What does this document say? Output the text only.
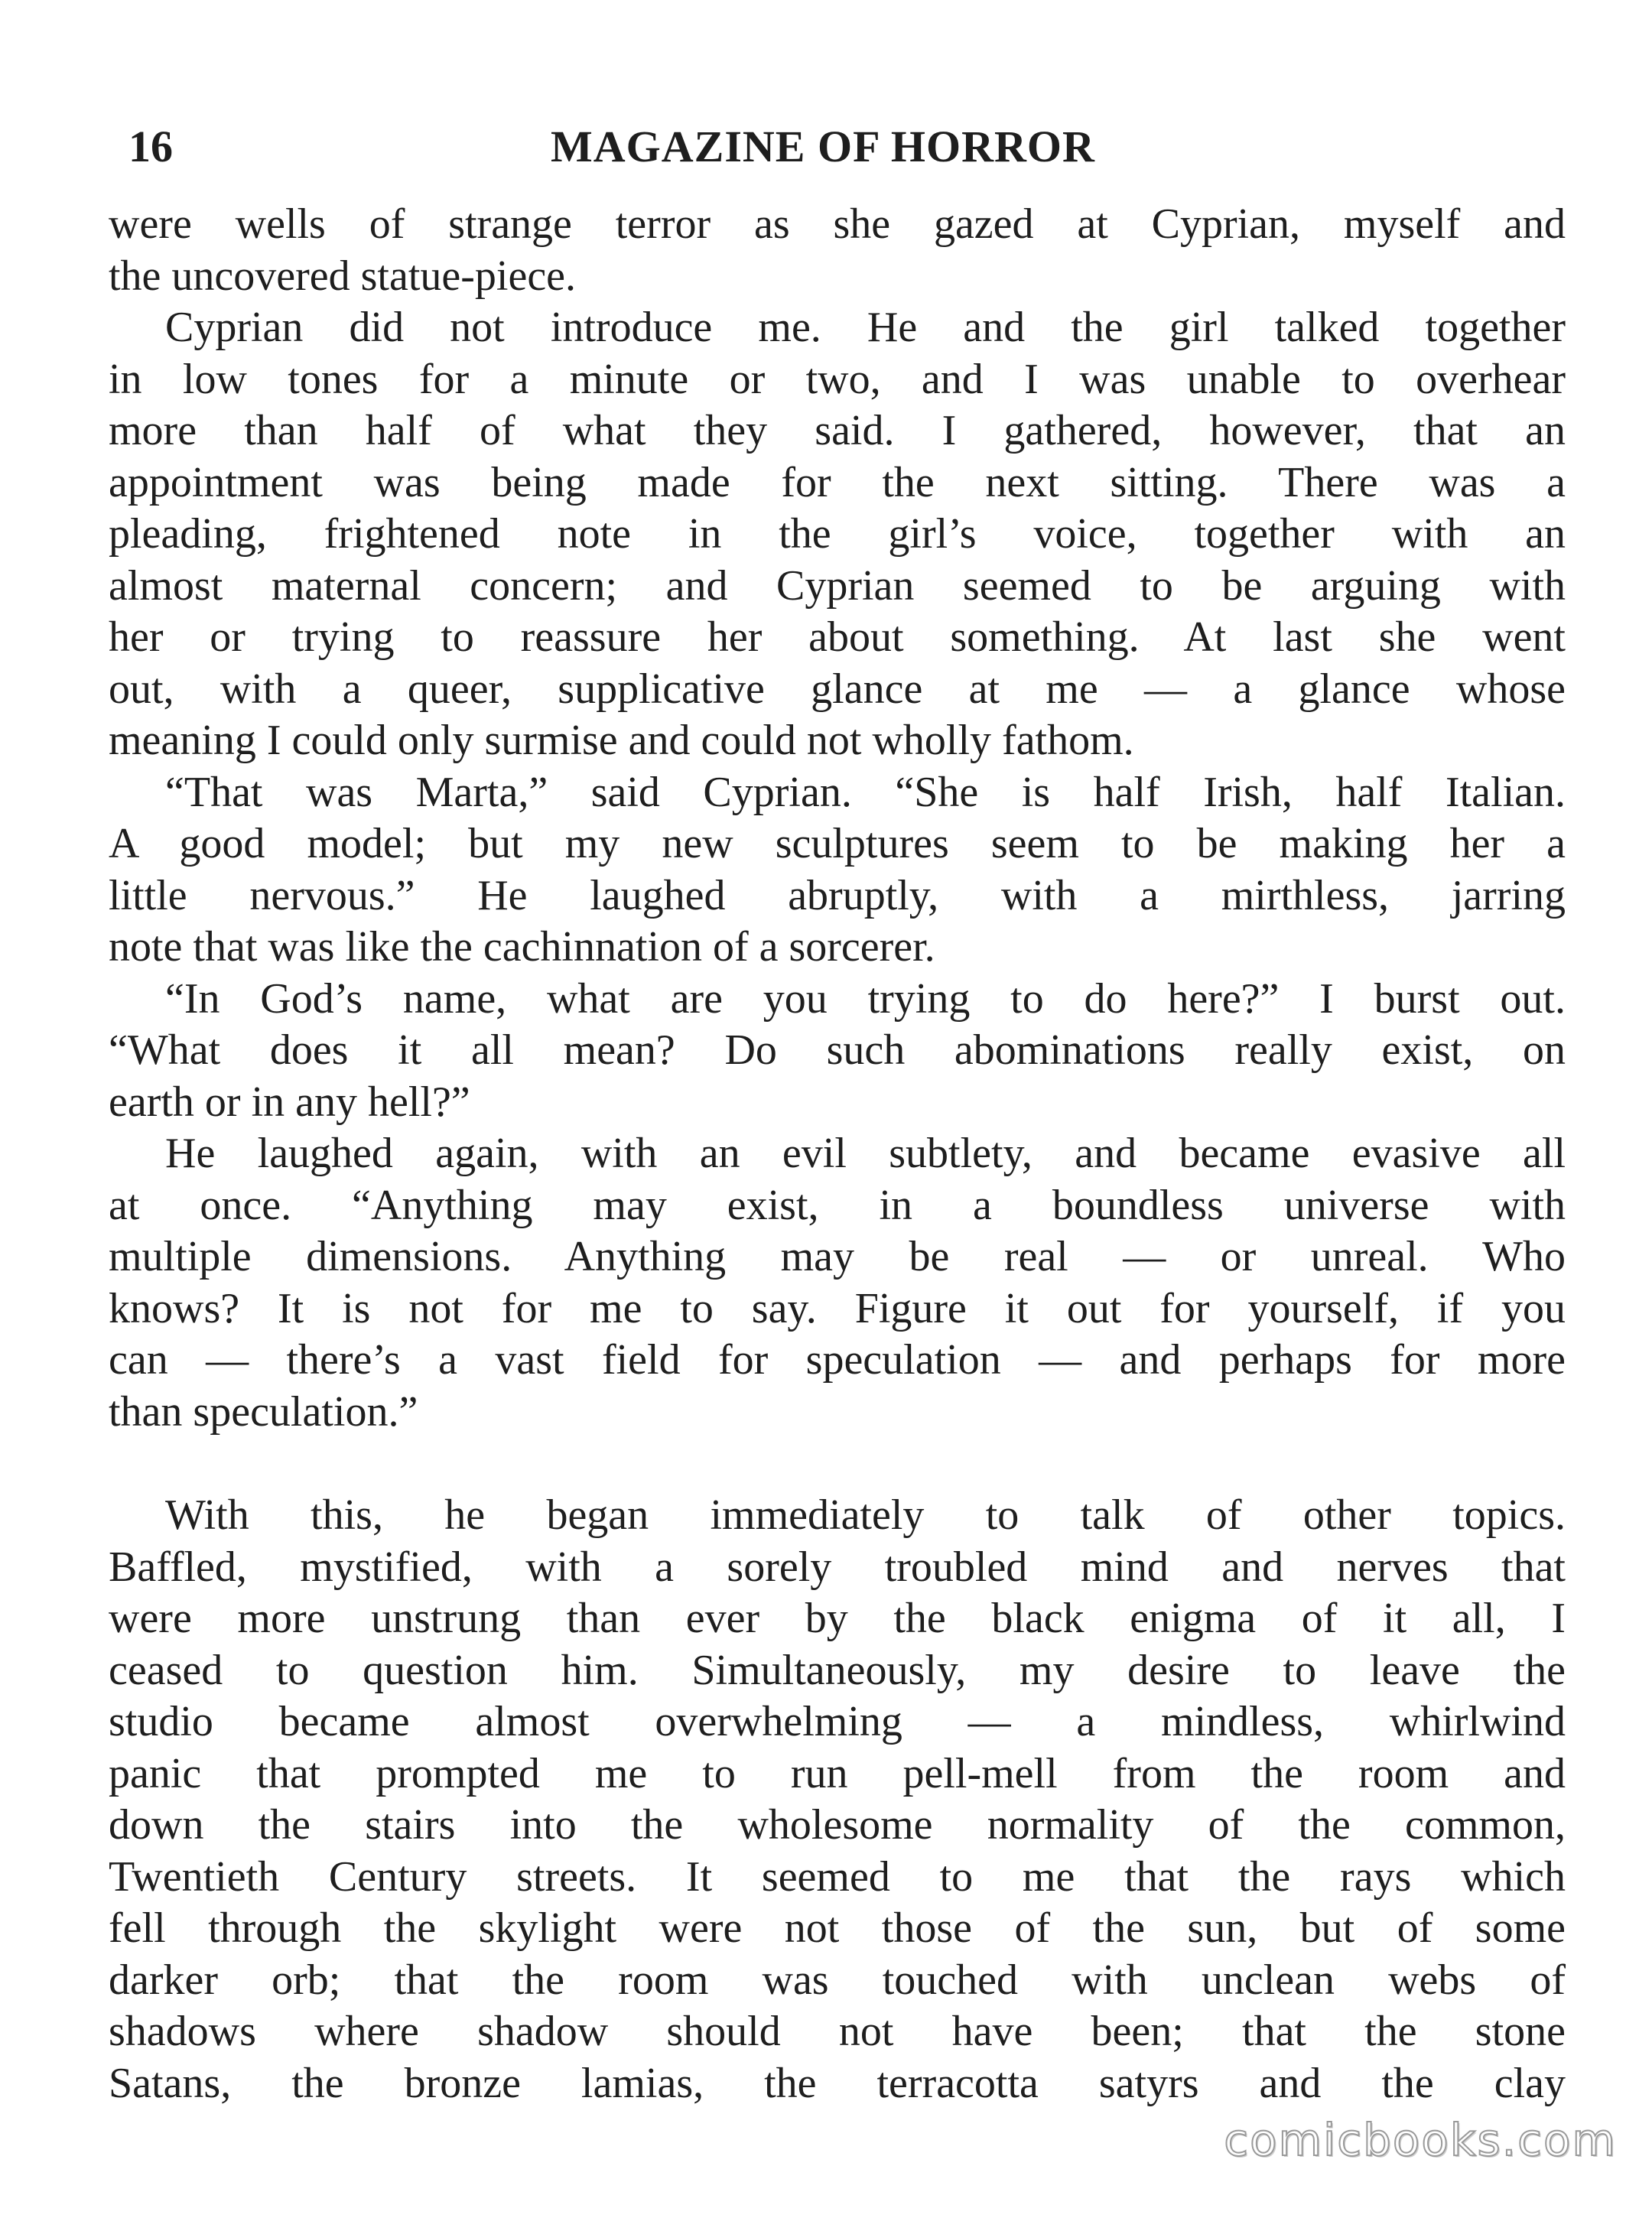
16	MAGAZINE OF HORROR
were wells of strange terror as she gazed at Cyprian, myself and
the uncovered statue-piece.
Cyprian did not introduce me. He and the girl talked together
in low tones for a minute or two, and I was unable to overhear
more than half of what they said. I gathered, however, that an
appointment was being made for the next sitting. There was a
pleading, frightened note in the girl’s voice, together with an
almost maternal concern; and Cyprian seemed to be arguing with
her or trying to reassure her about something. At last she went
out, with a queer, supplicative glance at me — a glance whose
meaning I could only surmise and could not wholly fathom.
“That was Marta,” said Cyprian. “She is half Irish, half Italian.
A good model; but my new sculptures seem to be making her a
little nervous.” He laughed abruptly, with a mirthless, jarring
note that was like the cachinnation of a sorcerer.
“In God’s name, what are you trying to do here?” I burst out.
“What does it all mean? Do such abominations really exist, on
earth or in any hell?”
He laughed again, with an evil subtlety, and became evasive all
at once. “Anything may exist, in a boundless universe with
multiple dimensions. Anything may be real — or unreal. Who
knows? It is not for me to say. Figure it out for yourself, if you
can — there’s a vast field for speculation — and perhaps for more
than speculation.”
With this, he began immediately to talk of other topics.
Baffled, mystified, with a sorely troubled mind and nerves that
were more unstrung than ever by the black enigma of it all, I
ceased to question him. Simultaneously, my desire to leave the
studio became almost overwhelming — a mindless, whirlwind
panic that prompted me to run pell-mell from the room and
down the stairs into the wholesome normality of the common,
Twentieth Century streets. It seemed to me that the rays which
fell through the skylight were not those of the sun, but of some
darker orb; that the room was touched with unclean webs of
shadows where shadow should not have been; that the stone
Satans, the bronze lamias, the terracotta satyrs and the clay
comicbooks.com
